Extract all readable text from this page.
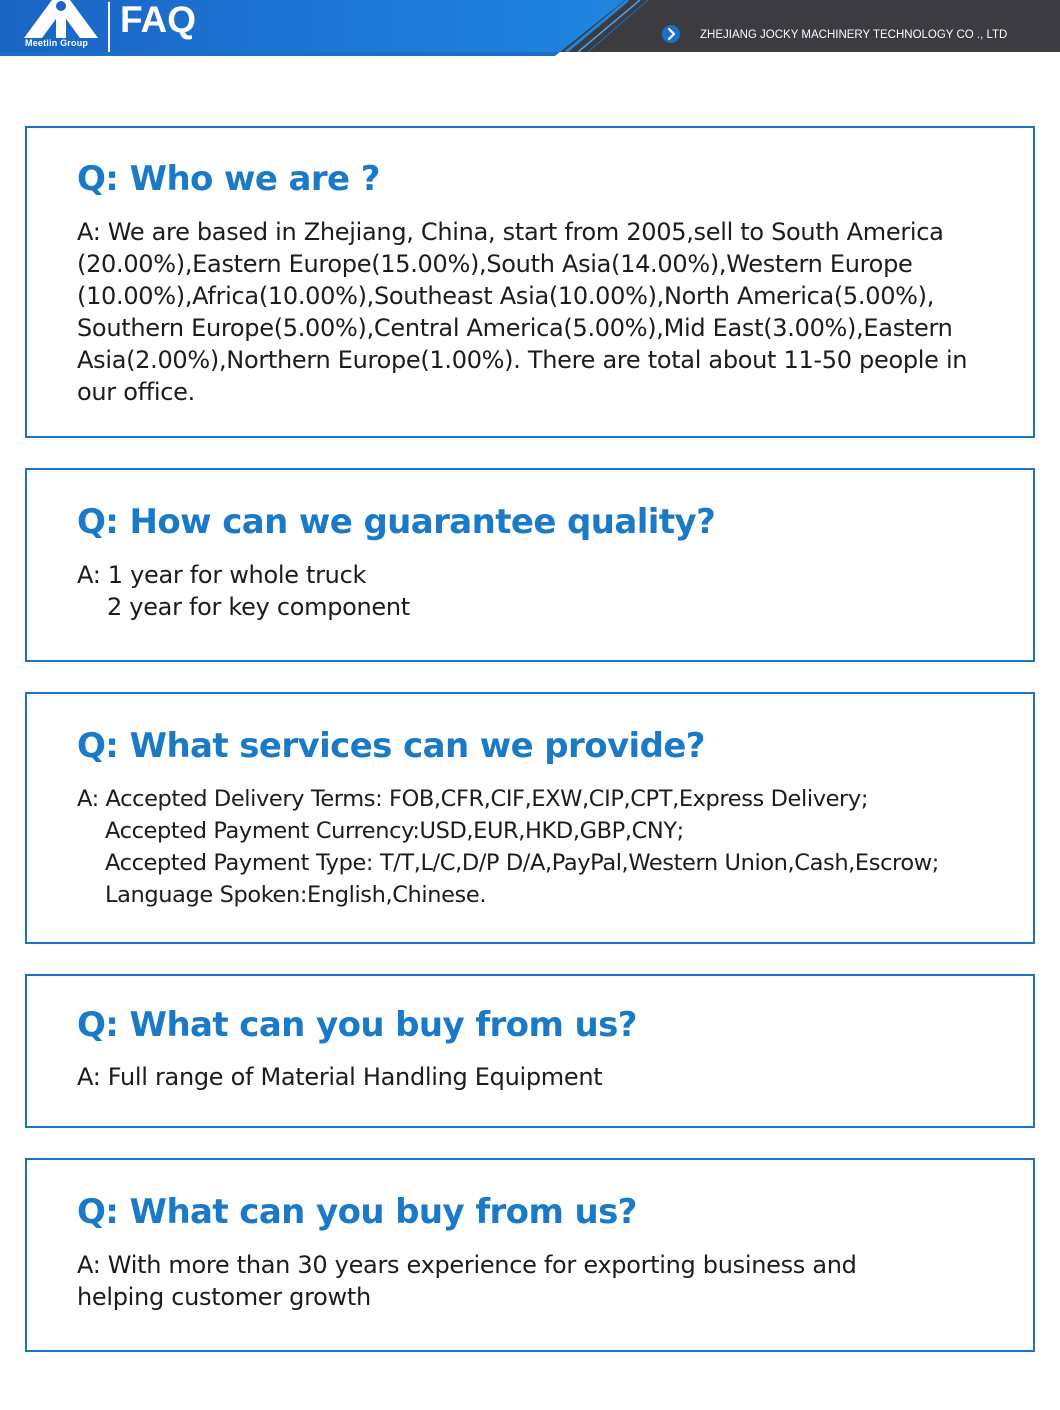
Meetlin Group
FAQ	ZHEJIANG JOCKY MACHINERY TECHNOLOGY CO ., LTD
Q: Who we are ?
A: We are based in Zhejiang, China, start from 2005,sell to South America (20.00%),Eastern Europe(15.00%),South Asia(14.00%),Western Europe (10.00%),Africa(10.00%),Southeast Asia(10.00%),North America(5.00%), Southern Europe(5.00%),Central America(5.00%),Mid East(3.00%),Eastern Asia(2.00%),Northern Europe(1.00%). There are total about 11-50 people in our office.
Q: How can we guarantee quality?
A: 1 year for whole truck
2 year for key component
Q: What services can we provide?
A: Accepted Delivery Terms: FOB,CFR,CIF,EXW,CIP,CPT,Express Delivery;
Accepted Payment Currency:USD,EUR,HKD,GBP,CNY;
Accepted Payment Type: T/T,L/C,D/P D/A,PayPal,Western Union,Cash,Escrow;
Language Spoken:English,Chinese.
Q: What can you buy from us?
A: Full range of Material Handling Equipment
Q: What can you buy from us?
A: With more than 30 years experience for exporting business and helping customer growth
